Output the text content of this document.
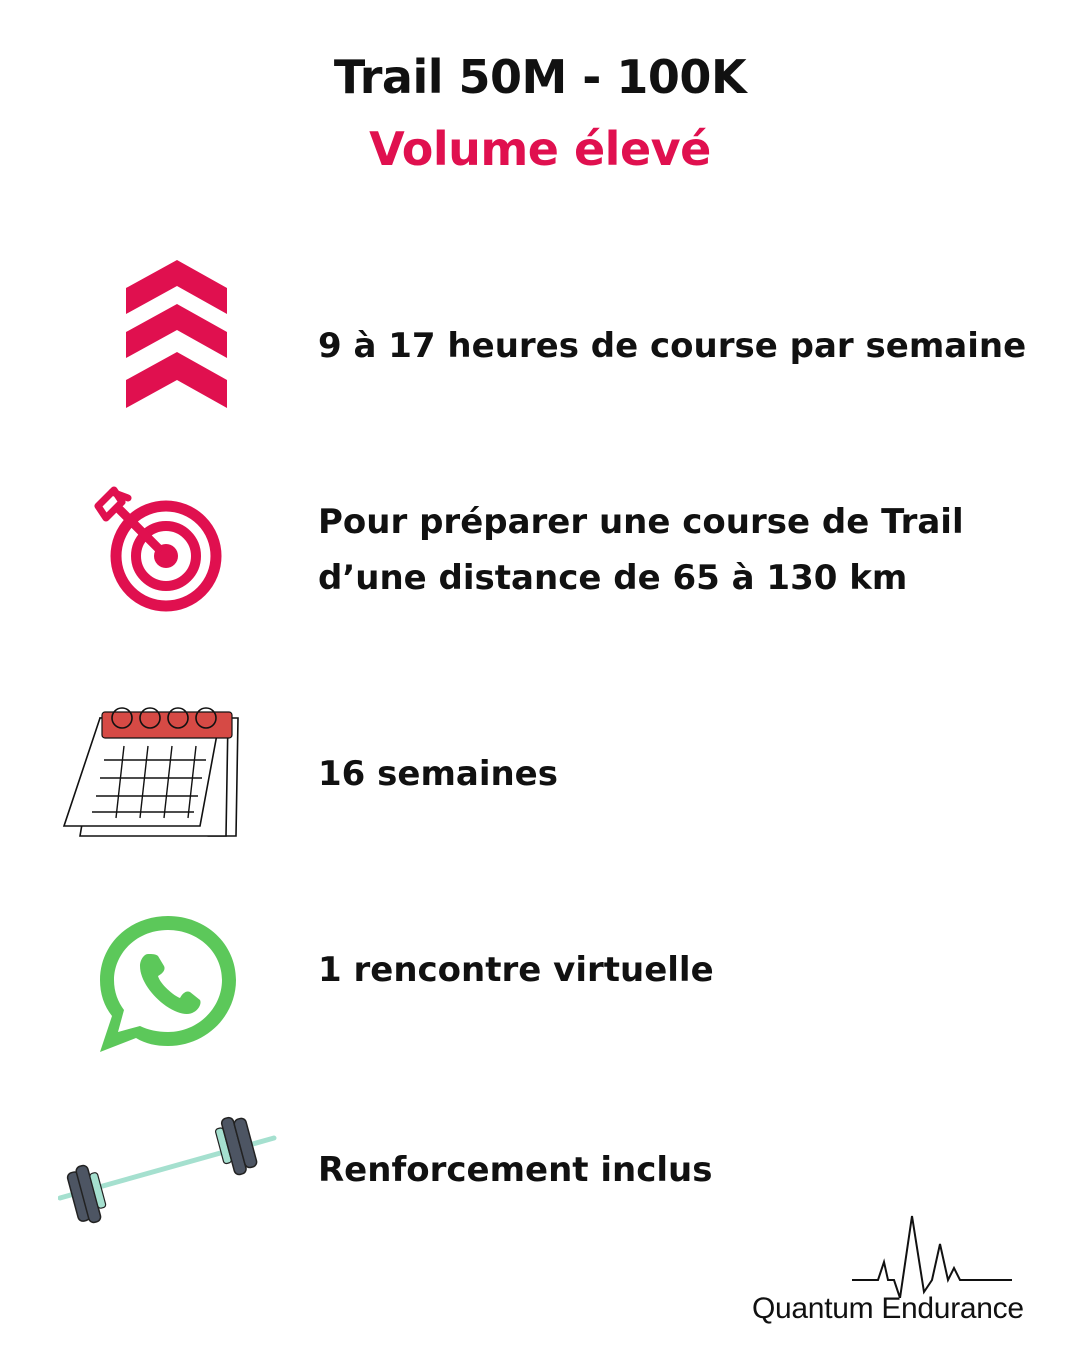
Trail 50M - 100K
Volume élevé
9 à 17 heures de course par semaine
Pour préparer une course de Trail
d’une distance de 65 à 130 km
16 semaines
1 rencontre virtuelle
Renforcement inclus
Quantum Endurance
